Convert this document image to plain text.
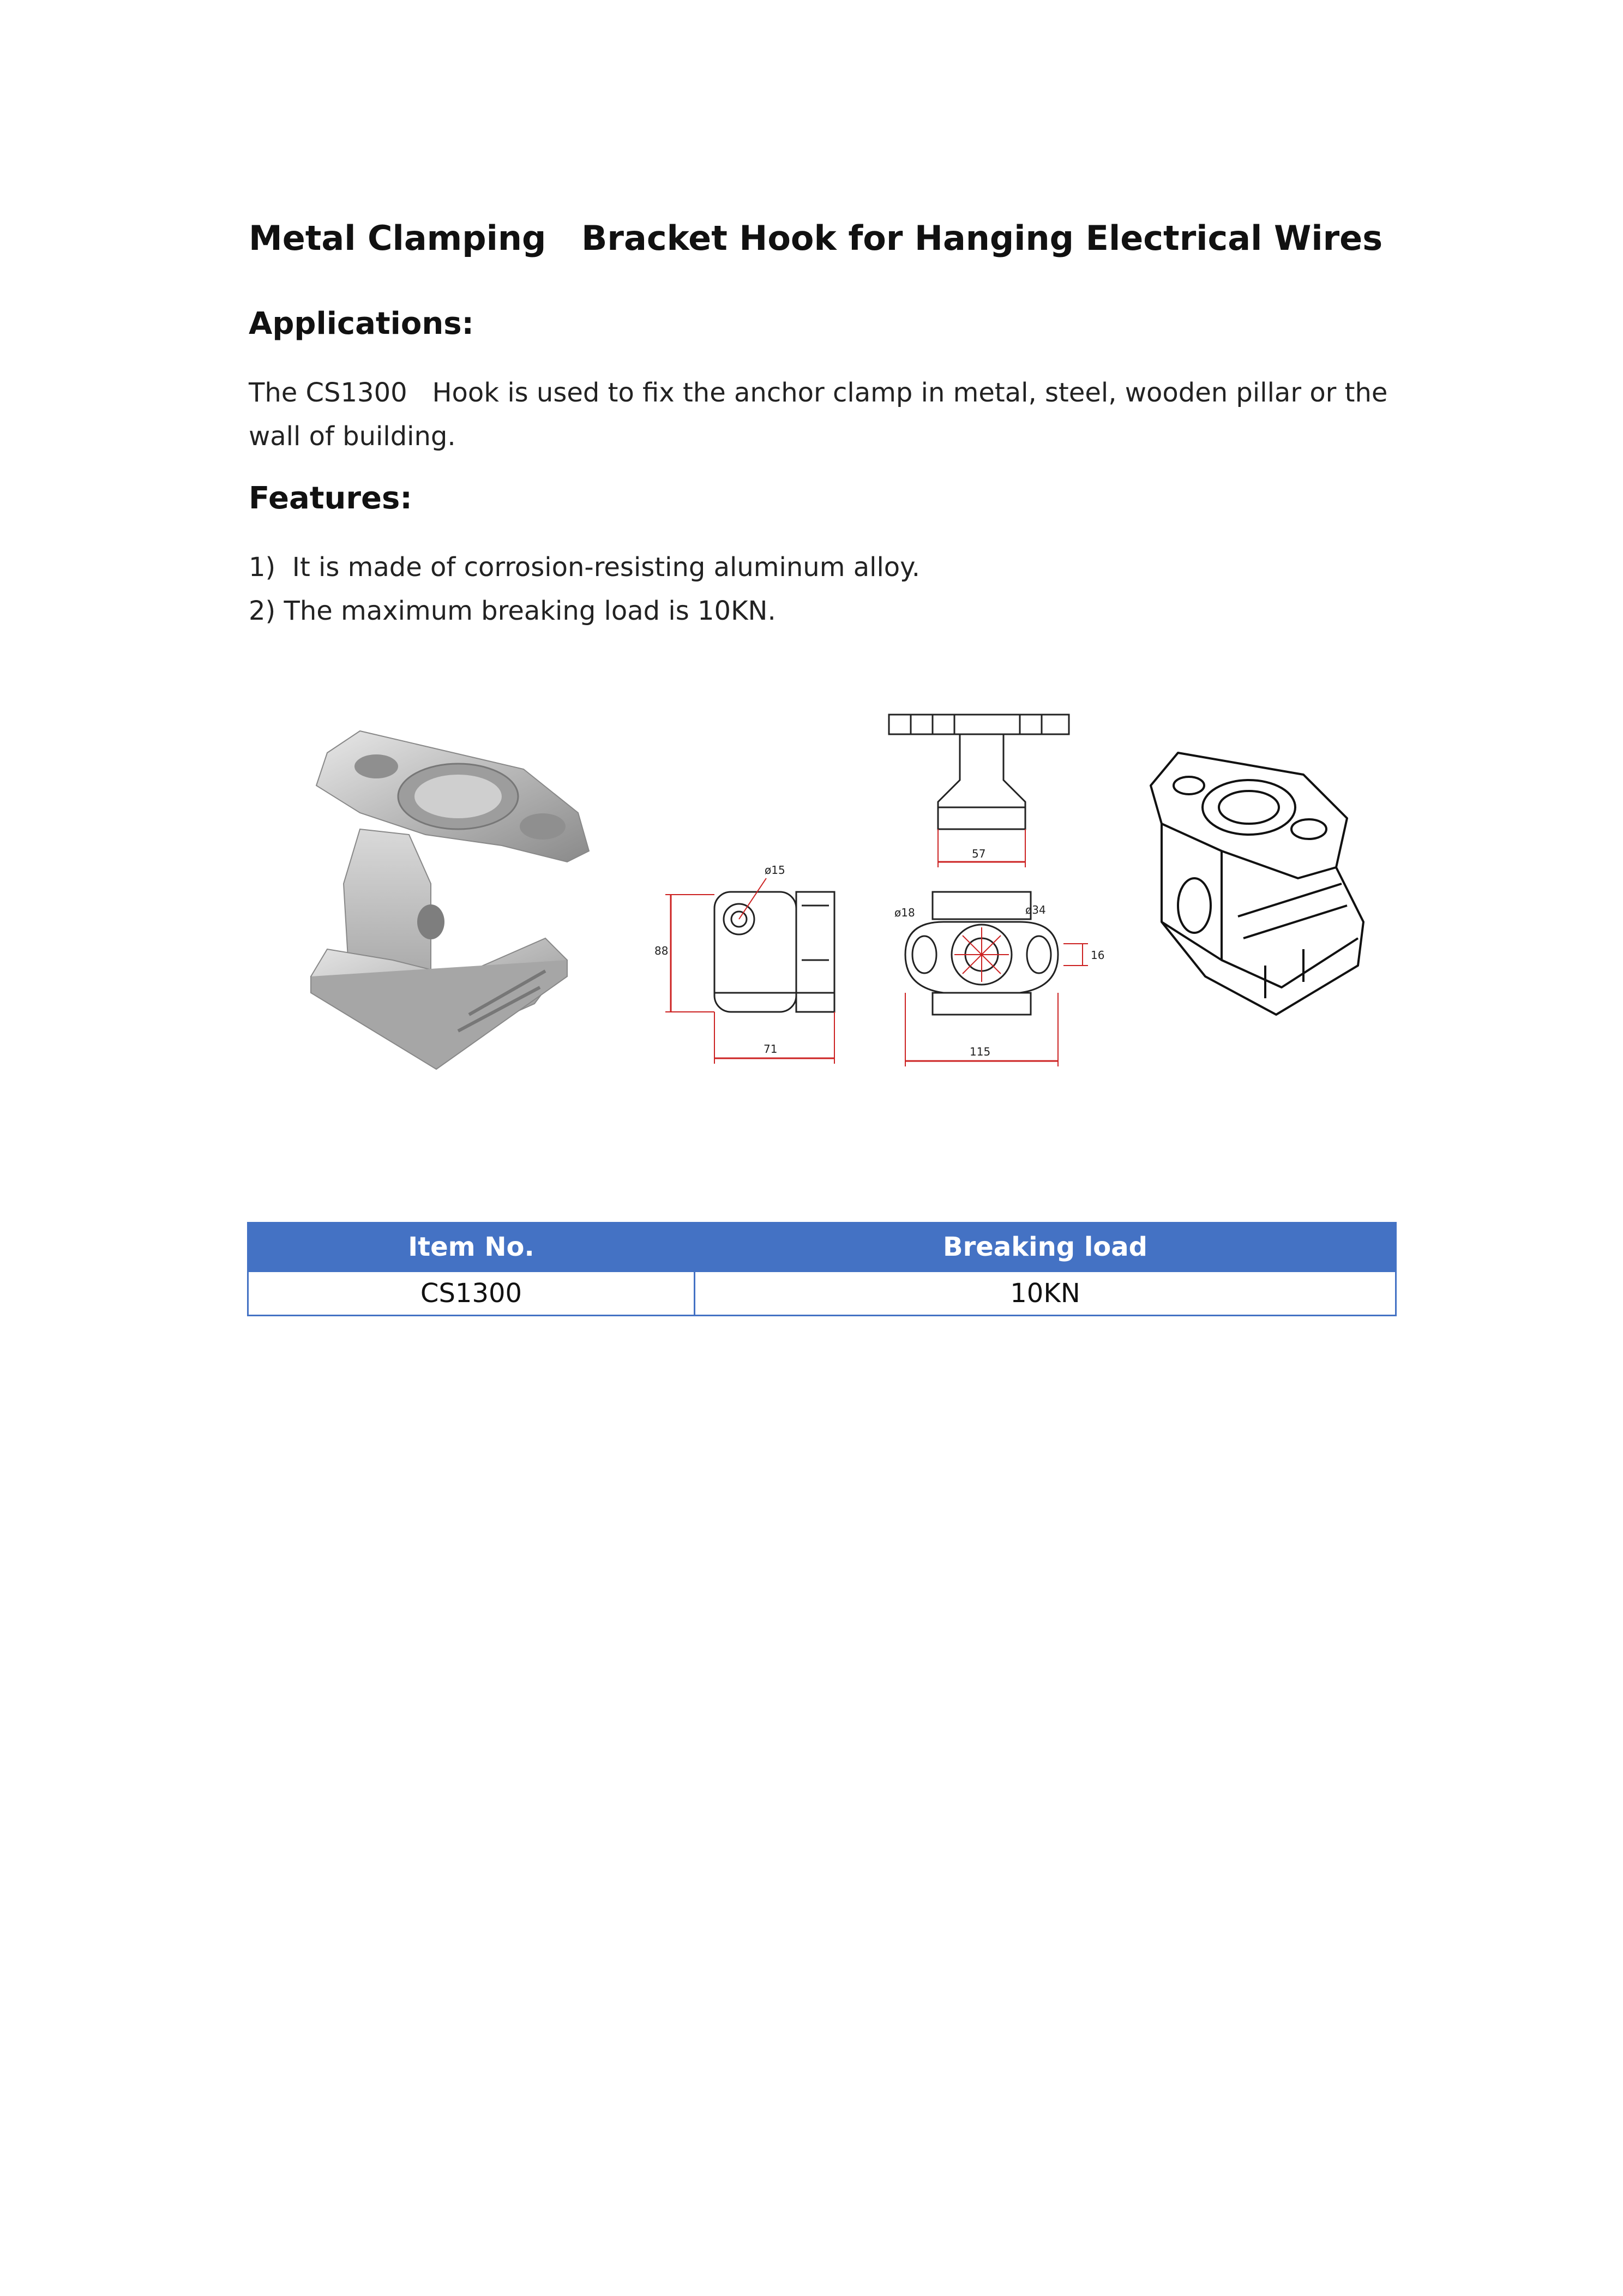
Metal Clamping   Bracket Hook for Hanging Electrical Wires
Applications:

The CS1300   Hook is used to fix the anchor clamp in metal, steel, wooden pillar or the wall of building.

Features:

1)  It is made of corrosion-resisting aluminum alloy.

2) The maximum breaking load is 10KN.

57
88
71
ø15
ø18	ø34
115
16
Item No.	Breaking load
CS1300	10KN
